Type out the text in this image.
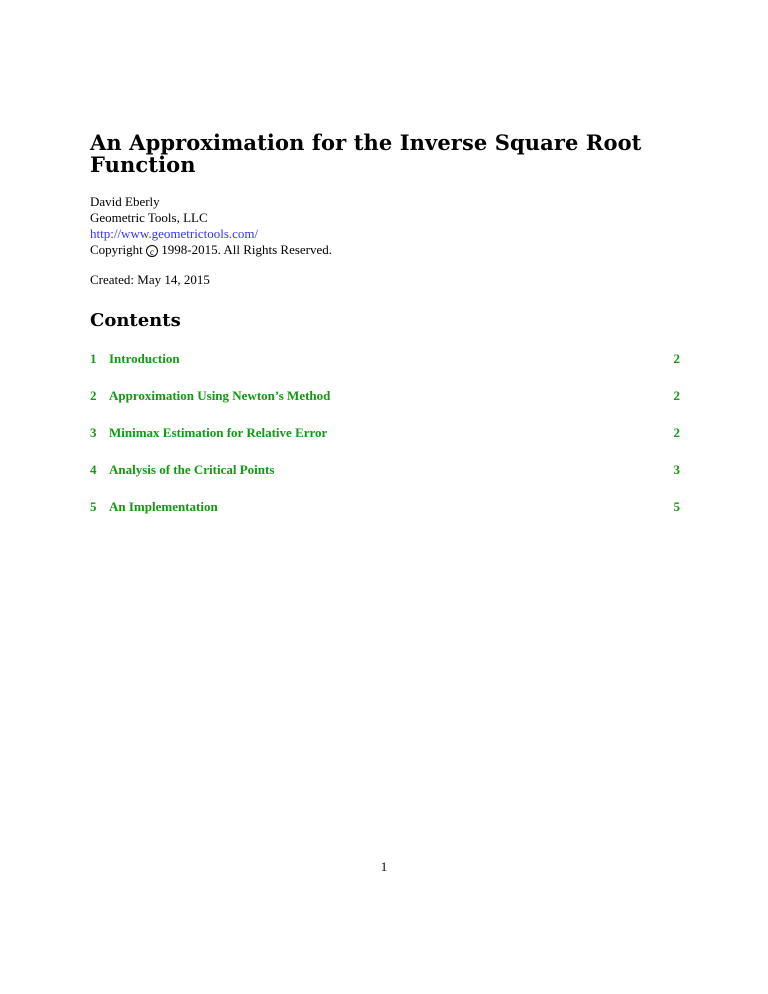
An Approximation for the Inverse Square Root Function
David Eberly
Geometric Tools, LLC
http://www.geometrictools.com/
Copyright c 1998-2015. All Rights Reserved.
Created: May 14, 2015
Contents
1 Introduction	2
2 Approximation Using Newton’s Method	2
3 Minimax Estimation for Relative Error	2
4 Analysis of the Critical Points	3
5 An Implementation	5
1
